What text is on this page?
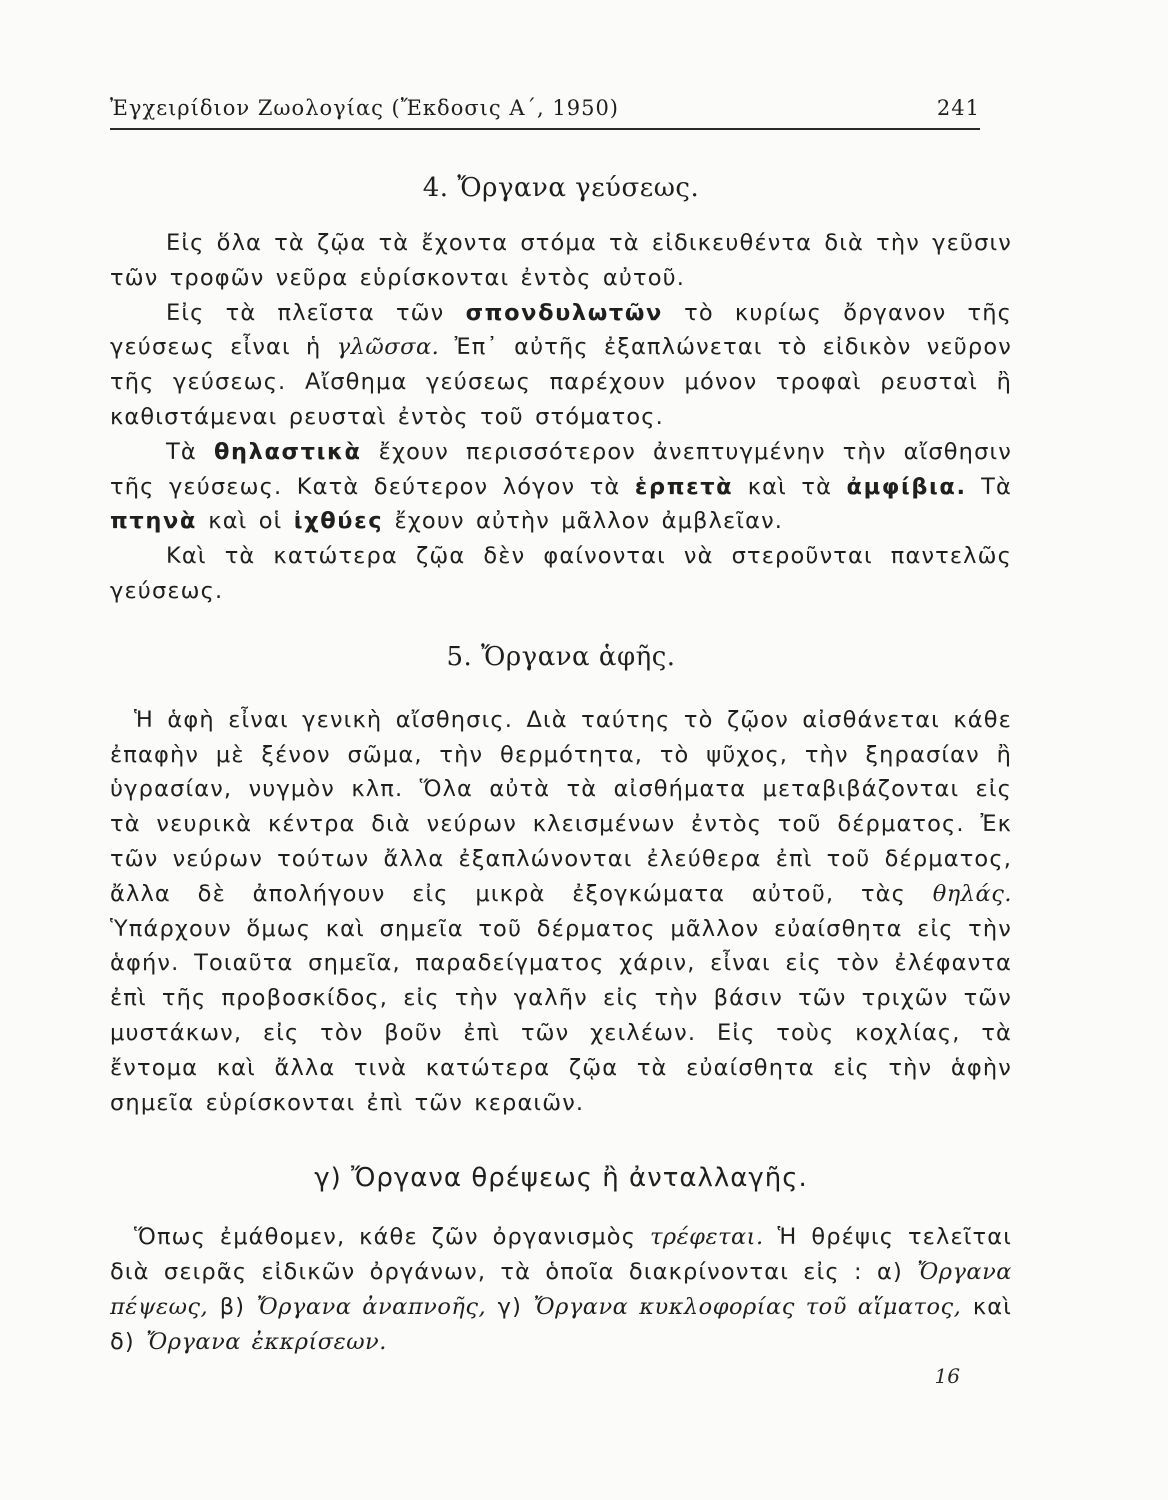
Ἐγχειρίδιον Ζωολογίας (Ἔκδοσις Α΄, 1950)	241
4. Ὄργανα γεύσεως.

Εἰς ὅλα τὰ ζῷα τὰ ἔχοντα στόμα τὰ εἰδικευθέντα διὰ τὴν γεῦσιν τῶν τροφῶν νεῦρα εὑρίσκονται ἐντὸς αὐτοῦ.

Εἰς τὰ πλεῖστα τῶν σπονδυλωτῶν τὸ κυρίως ὄργανον τῆς γεύσεως εἶναι ἡ γλῶσσα. Ἐπ᾽ αὐτῆς ἐξαπλώνεται τὸ εἰδικὸν νεῦρον τῆς γεύσεως. Αἴσθημα γεύσεως παρέχουν μόνον τροφαὶ ρευσταὶ ἢ καθιστάμεναι ρευσταὶ ἐντὸς τοῦ στόματος.

Τὰ θηλαστικὰ ἔχουν περισσότερον ἀνεπτυγμένην τὴν αἴσθησιν τῆς γεύσεως. Κατὰ δεύτερον λόγον τὰ ἑρπετὰ καὶ τὰ ἀμφίβια. Τὰ πτηνὰ καὶ οἱ ἰχθύες ἔχουν αὐτὴν μᾶλλον ἀμβλεῖαν.

Καὶ τὰ κατώτερα ζῷα δὲν φαίνονται νὰ στεροῦνται παντελῶς γεύσεως.

5. Ὄργανα ἁφῆς.

Ἡ ἁφὴ εἶναι γενικὴ αἴσθησις. Διὰ ταύτης τὸ ζῷον αἰσθάνεται κάθε ἐπαφὴν μὲ ξένον σῶμα, τὴν θερμότητα, τὸ ψῦχος, τὴν ξηρασίαν ἢ ὑγρασίαν, νυγμὸν κλπ. Ὅλα αὐτὰ τὰ αἰσθήματα μεταβιβάζονται εἰς τὰ νευρικὰ κέντρα διὰ νεύρων κλεισμένων ἐντὸς τοῦ δέρματος. Ἐκ τῶν νεύρων τούτων ἄλλα ἐξαπλώνονται ἐλεύθερα ἐπὶ τοῦ δέρματος, ἄλλα δὲ ἀπολήγουν εἰς μικρὰ ἐξογκώματα αὐτοῦ, τὰς θηλάς. Ὑπάρχουν ὅμως καὶ σημεῖα τοῦ δέρματος μᾶλλον εὐαίσθητα εἰς τὴν ἁφήν. Τοιαῦτα σημεῖα, παραδείγματος χάριν, εἶναι εἰς τὸν ἐλέφαντα ἐπὶ τῆς προβοσκίδος, εἰς τὴν γαλῆν εἰς τὴν βάσιν τῶν τριχῶν τῶν μυστάκων, εἰς τὸν βοῦν ἐπὶ τῶν χειλέων. Εἰς τοὺς κοχλίας, τὰ ἔντομα καὶ ἄλλα τινὰ κατώτερα ζῷα τὰ εὐαίσθητα εἰς τὴν ἁφὴν σημεῖα εὑρίσκονται ἐπὶ τῶν κεραιῶν.

γ) Ὄργανα θρέψεως ἢ ἀνταλλαγῆς.

Ὅπως ἐμάθομεν, κάθε ζῶν ὀργανισμὸς τρέφεται. Ἡ θρέψις τελεῖται διὰ σειρᾶς εἰδικῶν ὀργάνων, τὰ ὁποῖα διακρίνονται εἰς : α) Ὄργανα πέψεως, β) Ὄργανα ἀναπνοῆς, γ) Ὄργανα κυκλοφορίας τοῦ αἵματος, καὶ δ) Ὄργανα ἐκκρίσεων.

16
